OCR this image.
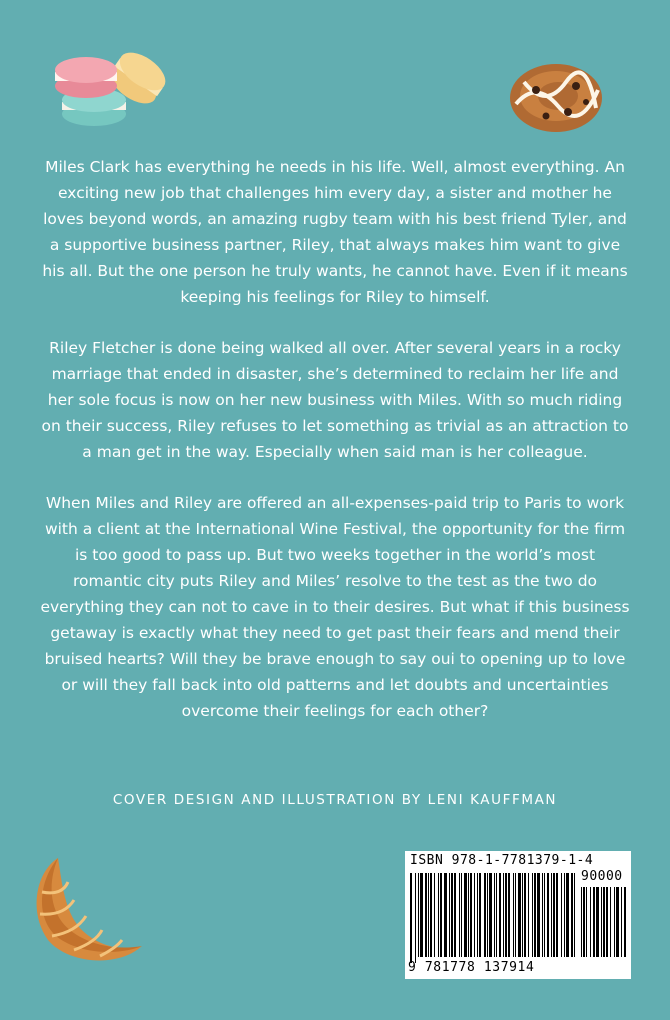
Miles Clark has everything he needs in his life. Well, almost everything. An exciting new job that challenges him every day, a sister and mother he loves beyond words, an amazing rugby team with his best friend Tyler, and a supportive business partner, Riley, that always makes him want to give his all. But the one person he truly wants, he cannot have. Even if it means keeping his feelings for Riley to himself.

Riley Fletcher is done being walked all over. After several years in a rocky marriage that ended in disaster, she’s determined to reclaim her life and her sole focus is now on her new business with Miles. With so much riding on their success, Riley refuses to let something as trivial as an attraction to a man get in the way. Especially when said man is her colleague.

When Miles and Riley are offered an all-expenses-paid trip to Paris to work with a client at the International Wine Festival, the opportunity for the firm is too good to pass up. But two weeks together in the world’s most romantic city puts Riley and Miles’ resolve to the test as the two do everything they can not to cave in to their desires. But what if this business getaway is exactly what they need to get past their fears and mend their bruised hearts? Will they be brave enough to say oui to opening up to love or will they fall back into old patterns and let doubts and uncertainties overcome their feelings for each other?

COVER DESIGN AND ILLUSTRATION BY LENI KAUFFMAN
ISBN 978-1-7781379-1-4
90000
9 781778 137914
